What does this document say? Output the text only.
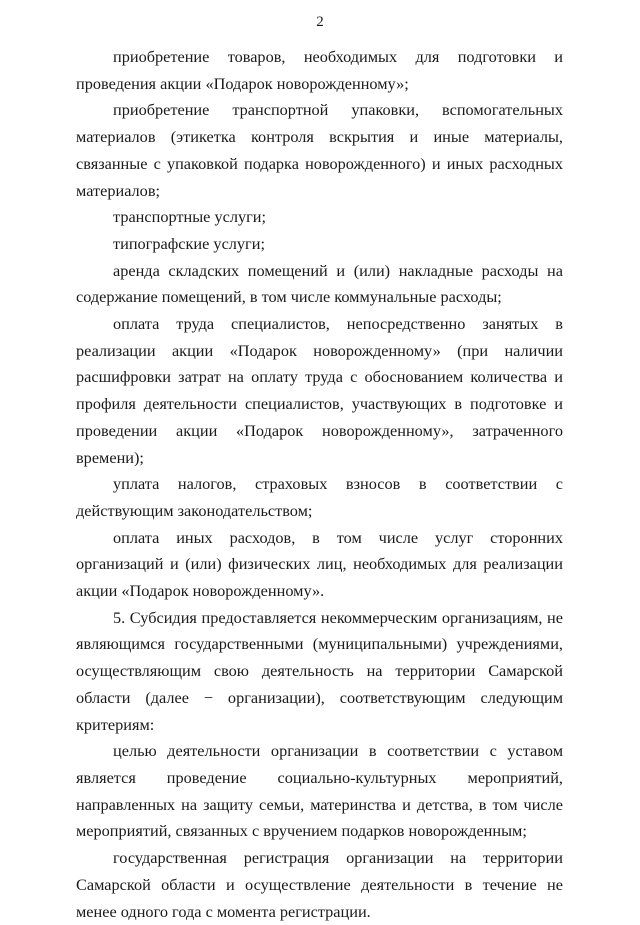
2

приобретение товаров, необходимых для подготовки и проведения акции «Подарок новорожденному»;

приобретение транспортной упаковки, вспомогательных материалов (этикетка контроля вскрытия и иные материалы, связанные с упаковкой подарка новорожденного) и иных расходных материалов;

транспортные услуги;

типографские услуги;

аренда складских помещений и (или) накладные расходы на содержание помещений, в том числе коммунальные расходы;

оплата труда специалистов, непосредственно занятых в реализации акции «Подарок новорожденному» (при наличии расшифровки затрат на оплату труда с обоснованием количества и профиля деятельности специалистов, участвующих в подготовке и проведении акции «Подарок новорожденному», затраченного времени);

уплата налогов, страховых взносов в соответствии с действующим законодательством;

оплата иных расходов, в том числе услуг сторонних организаций и (или) физических лиц, необходимых для реализации акции «Подарок новорожденному».

5. Субсидия предоставляется некоммерческим организациям, не являющимся государственными (муниципальными) учреждениями, осуществляющим свою деятельность на территории Самарской области (далее − организации), соответствующим следующим критериям:

целью деятельности организации в соответствии с уставом является проведение социально-культурных мероприятий, направленных на защиту семьи, материнства и детства, в том числе мероприятий, связанных с вручением подарков новорожденным;

государственная регистрация организации на территории Самарской области и осуществление деятельности в течение не менее одного года с момента регистрации.
